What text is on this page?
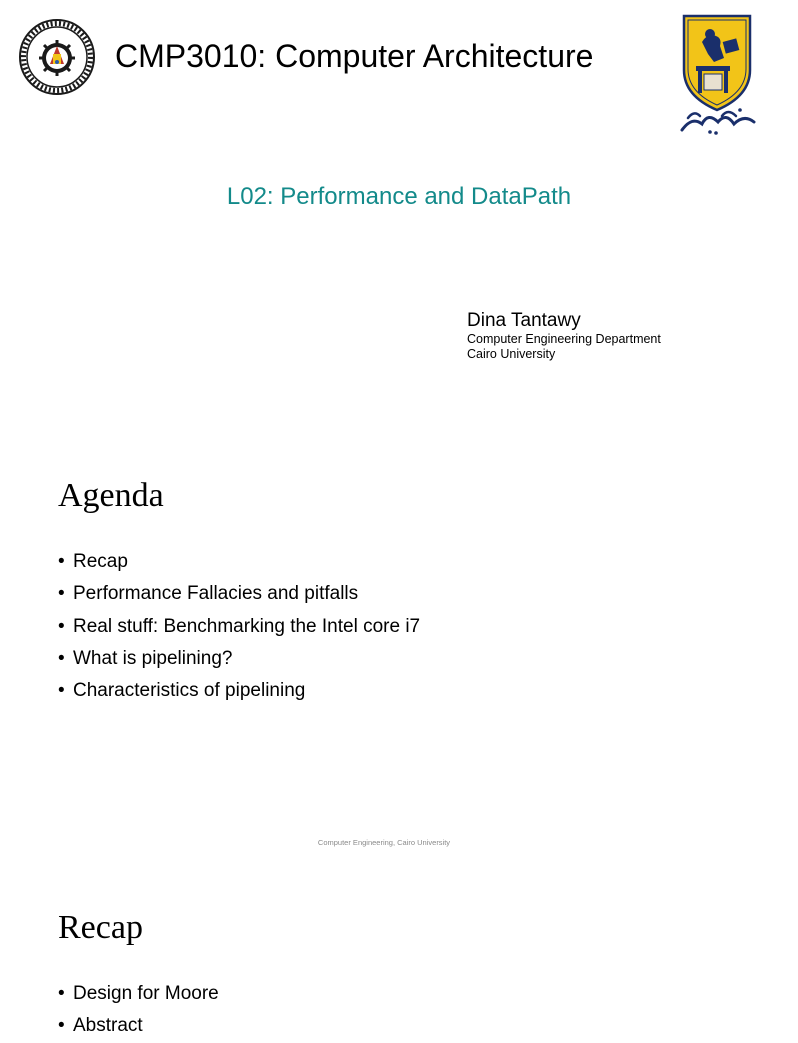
CMP3010: Computer Architecture
L02: Performance and DataPath
Dina Tantawy
Computer Engineering Department
Cairo University
Agenda
• Recap
• Performance Fallacies and pitfalls
• Real stuff: Benchmarking the Intel core i7
• What is pipelining?
• Characteristics of pipelining
Computer Engineering, Cairo University
Recap
• Design for Moore
• Abstract
